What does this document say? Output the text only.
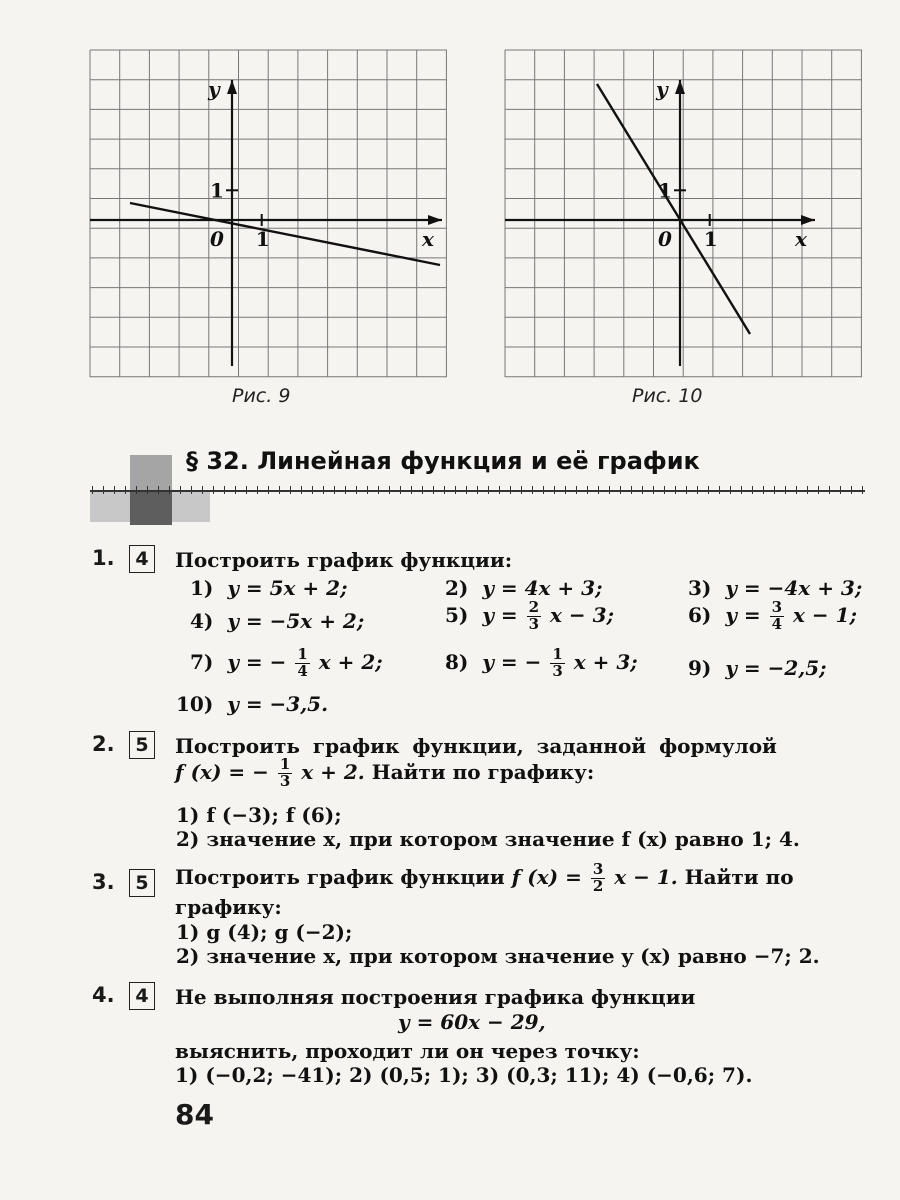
y
x
0 1
1
y
x
0 1
1
Рис. 9	Рис. 10
§ 32. Линейная функция и её график
1.	4	Построить график функции:
1) y = 5x + 2;	2) y = 4x + 3;	3) y = −4x + 3;
4) y = −5x + 2;	5) $y = \frac{2}{3}$ x − 3;	6) $y = \frac{3}{4}$ x − 1;
7) y = − $\frac{1}{4}$ x + 2;	8) y = − $\frac{1}{3}$ x + 3;	9) y = −2,5;
10) y = −3,5.
2.	5	Построить график функции, заданной формулой
f (x) = − $\frac{1}{3}$ x + 2. Найти по графику:
1) f (−3); f (6);
2) значение x, при котором значение f (x) равно 1; 4.
3.	5	Построить график функции f $(x) = \frac{3}{2}$ x − 1. Найти по
графику:
1) g (4); g (−2);
2) значение x, при котором значение y (x) равно −7; 2.
4.	4	Не выполняя построения графика функции
y = 60x − 29,
выяснить, проходит ли он через точку:
1) (−0,2; −41); 2) (0,5; 1); 3) (0,3; 11); 4) (−0,6; 7).
84
